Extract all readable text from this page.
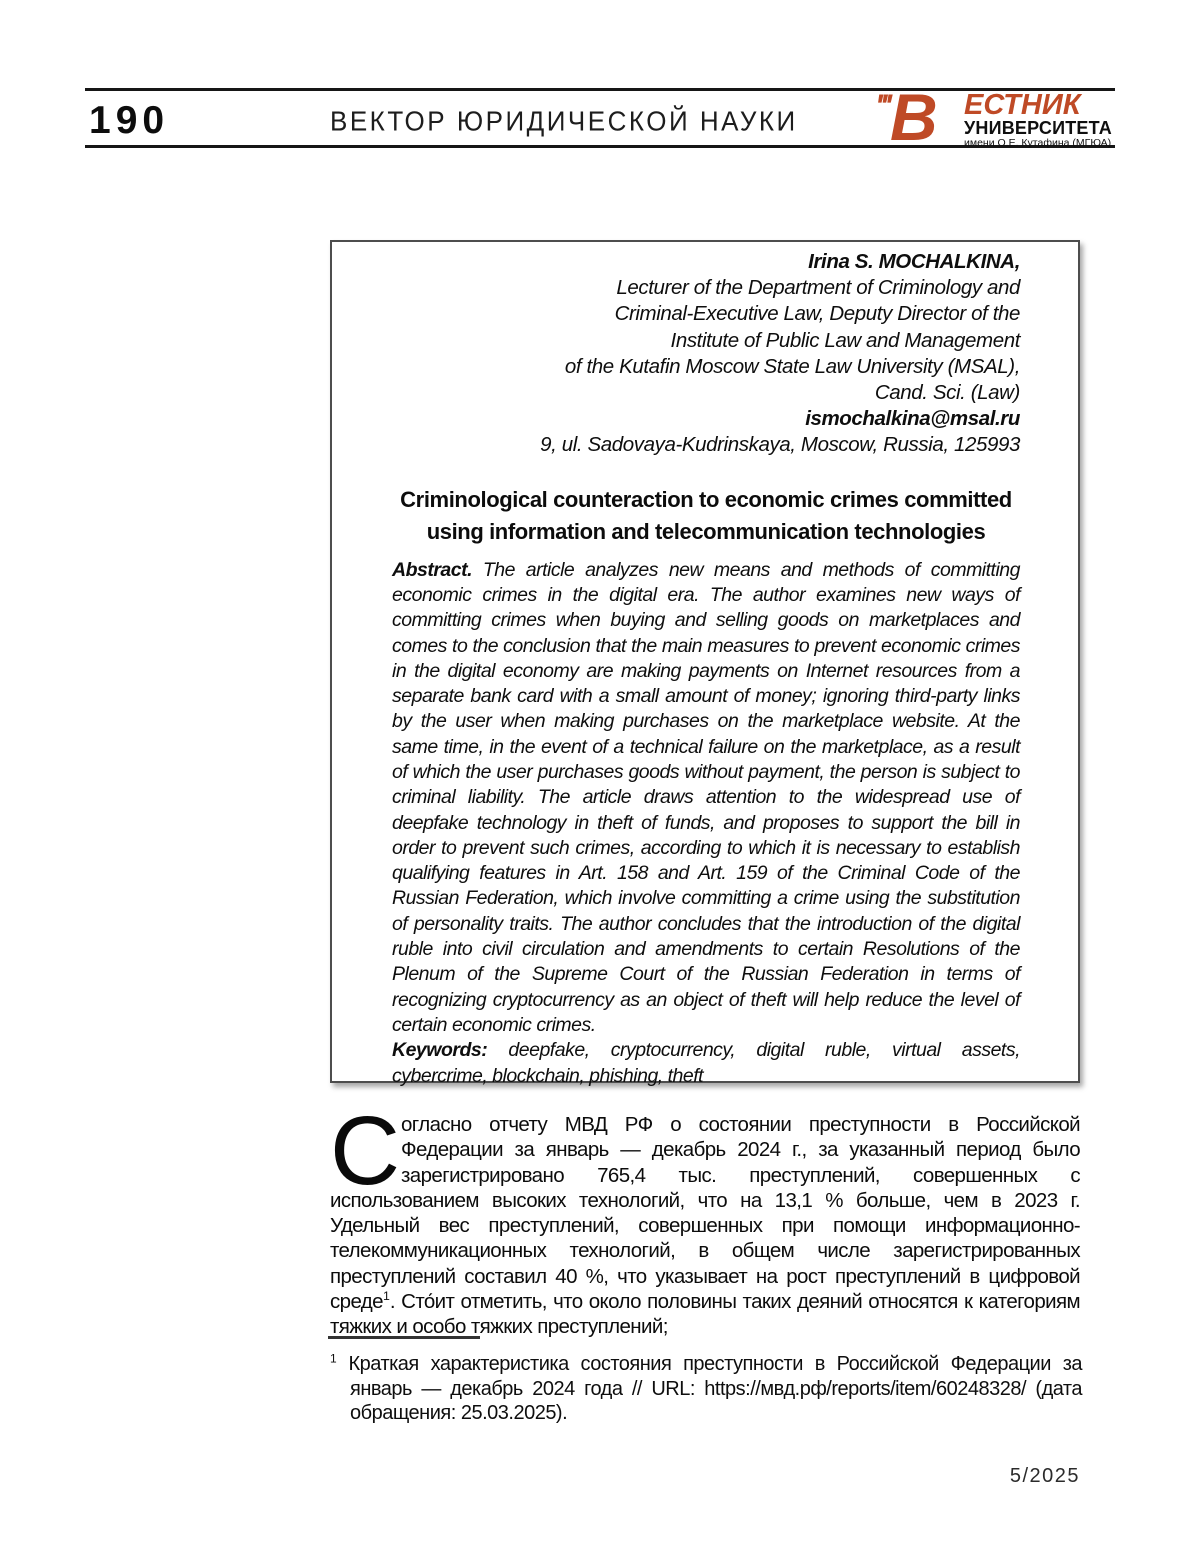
190	ВЕКТОР ЮРИДИЧЕСКОЙ НАУКИ ''' В ЕСТНИК
УНИВЕРСИТЕТА
имени О.Е. Кутафина (МГЮА)
Irina S. MOCHALKINA,
Lecturer of the Department of Criminology and
Criminal-Executive Law, Deputy Director of the
Institute of Public Law and Management
of the Kutafin Moscow State Law University (MSAL),
Cand. Sci. (Law)
ismochalkina@msal.ru
9, ul. Sadovaya-Kudrinskaya, Moscow, Russia, 125993
Criminological counteraction to economic crimes committed
using information and telecommunication technologies

Abstract. The article analyzes new means and methods of committing economic crimes in the digital era. The author examines new ways of committing crimes when buying and selling goods on marketplaces and comes to the conclusion that the main measures to prevent economic crimes in the digital economy are making payments on Internet resources from a separate bank card with a small amount of money; ignoring third-party links by the user when making purchases on the marketplace website. At the same time, in the event of a technical failure on the marketplace, as a result of which the user purchases goods without payment, the person is subject to criminal liability. The article draws attention to the widespread use of deepfake technology in theft of funds, and proposes to support the bill in order to prevent such crimes, according to which it is necessary to establish qualifying features in Art. 158 and Art. 159 of the Criminal Code of the Russian Federation, which involve committing a crime using the substitution of personality traits. The author concludes that the introduction of the digital ruble into civil circulation and amendments to certain Resolutions of the Plenum of the Supreme Court of the Russian Federation in terms of recognizing cryptocurrency as an object of theft will help reduce the level of certain economic crimes.

Keywords: deepfake, cryptocurrency, digital ruble, virtual assets, cybercrime, blockchain, phishing, theft

Согласно отчету МВД РФ о состоянии преступности в Российской Федерации за январь — декабрь 2024 г., за указанный период было зарегистрировано 765,4 тыс. преступлений, совершенных с использованием высоких технологий, что на 13,1 % больше, чем в 2023 г. Удельный вес преступлений, совершенных при помощи информационно-телекоммуникационных технологий, в общем числе зарегистрированных преступлений составил 40 %, что указывает на рост преступлений в цифровой среде$^1$. Сто́ит отметить, что около половины таких деяний относятся к категориям тяжких и особо тяжких преступлений;
$^1$ Краткая характеристика состояния преступности в Российской Федерации за январь — декабрь 2024 года // URL: https://мвд.рф/reports/item/60248328/ (дата обращения: 25.03.2025).
5/2025
